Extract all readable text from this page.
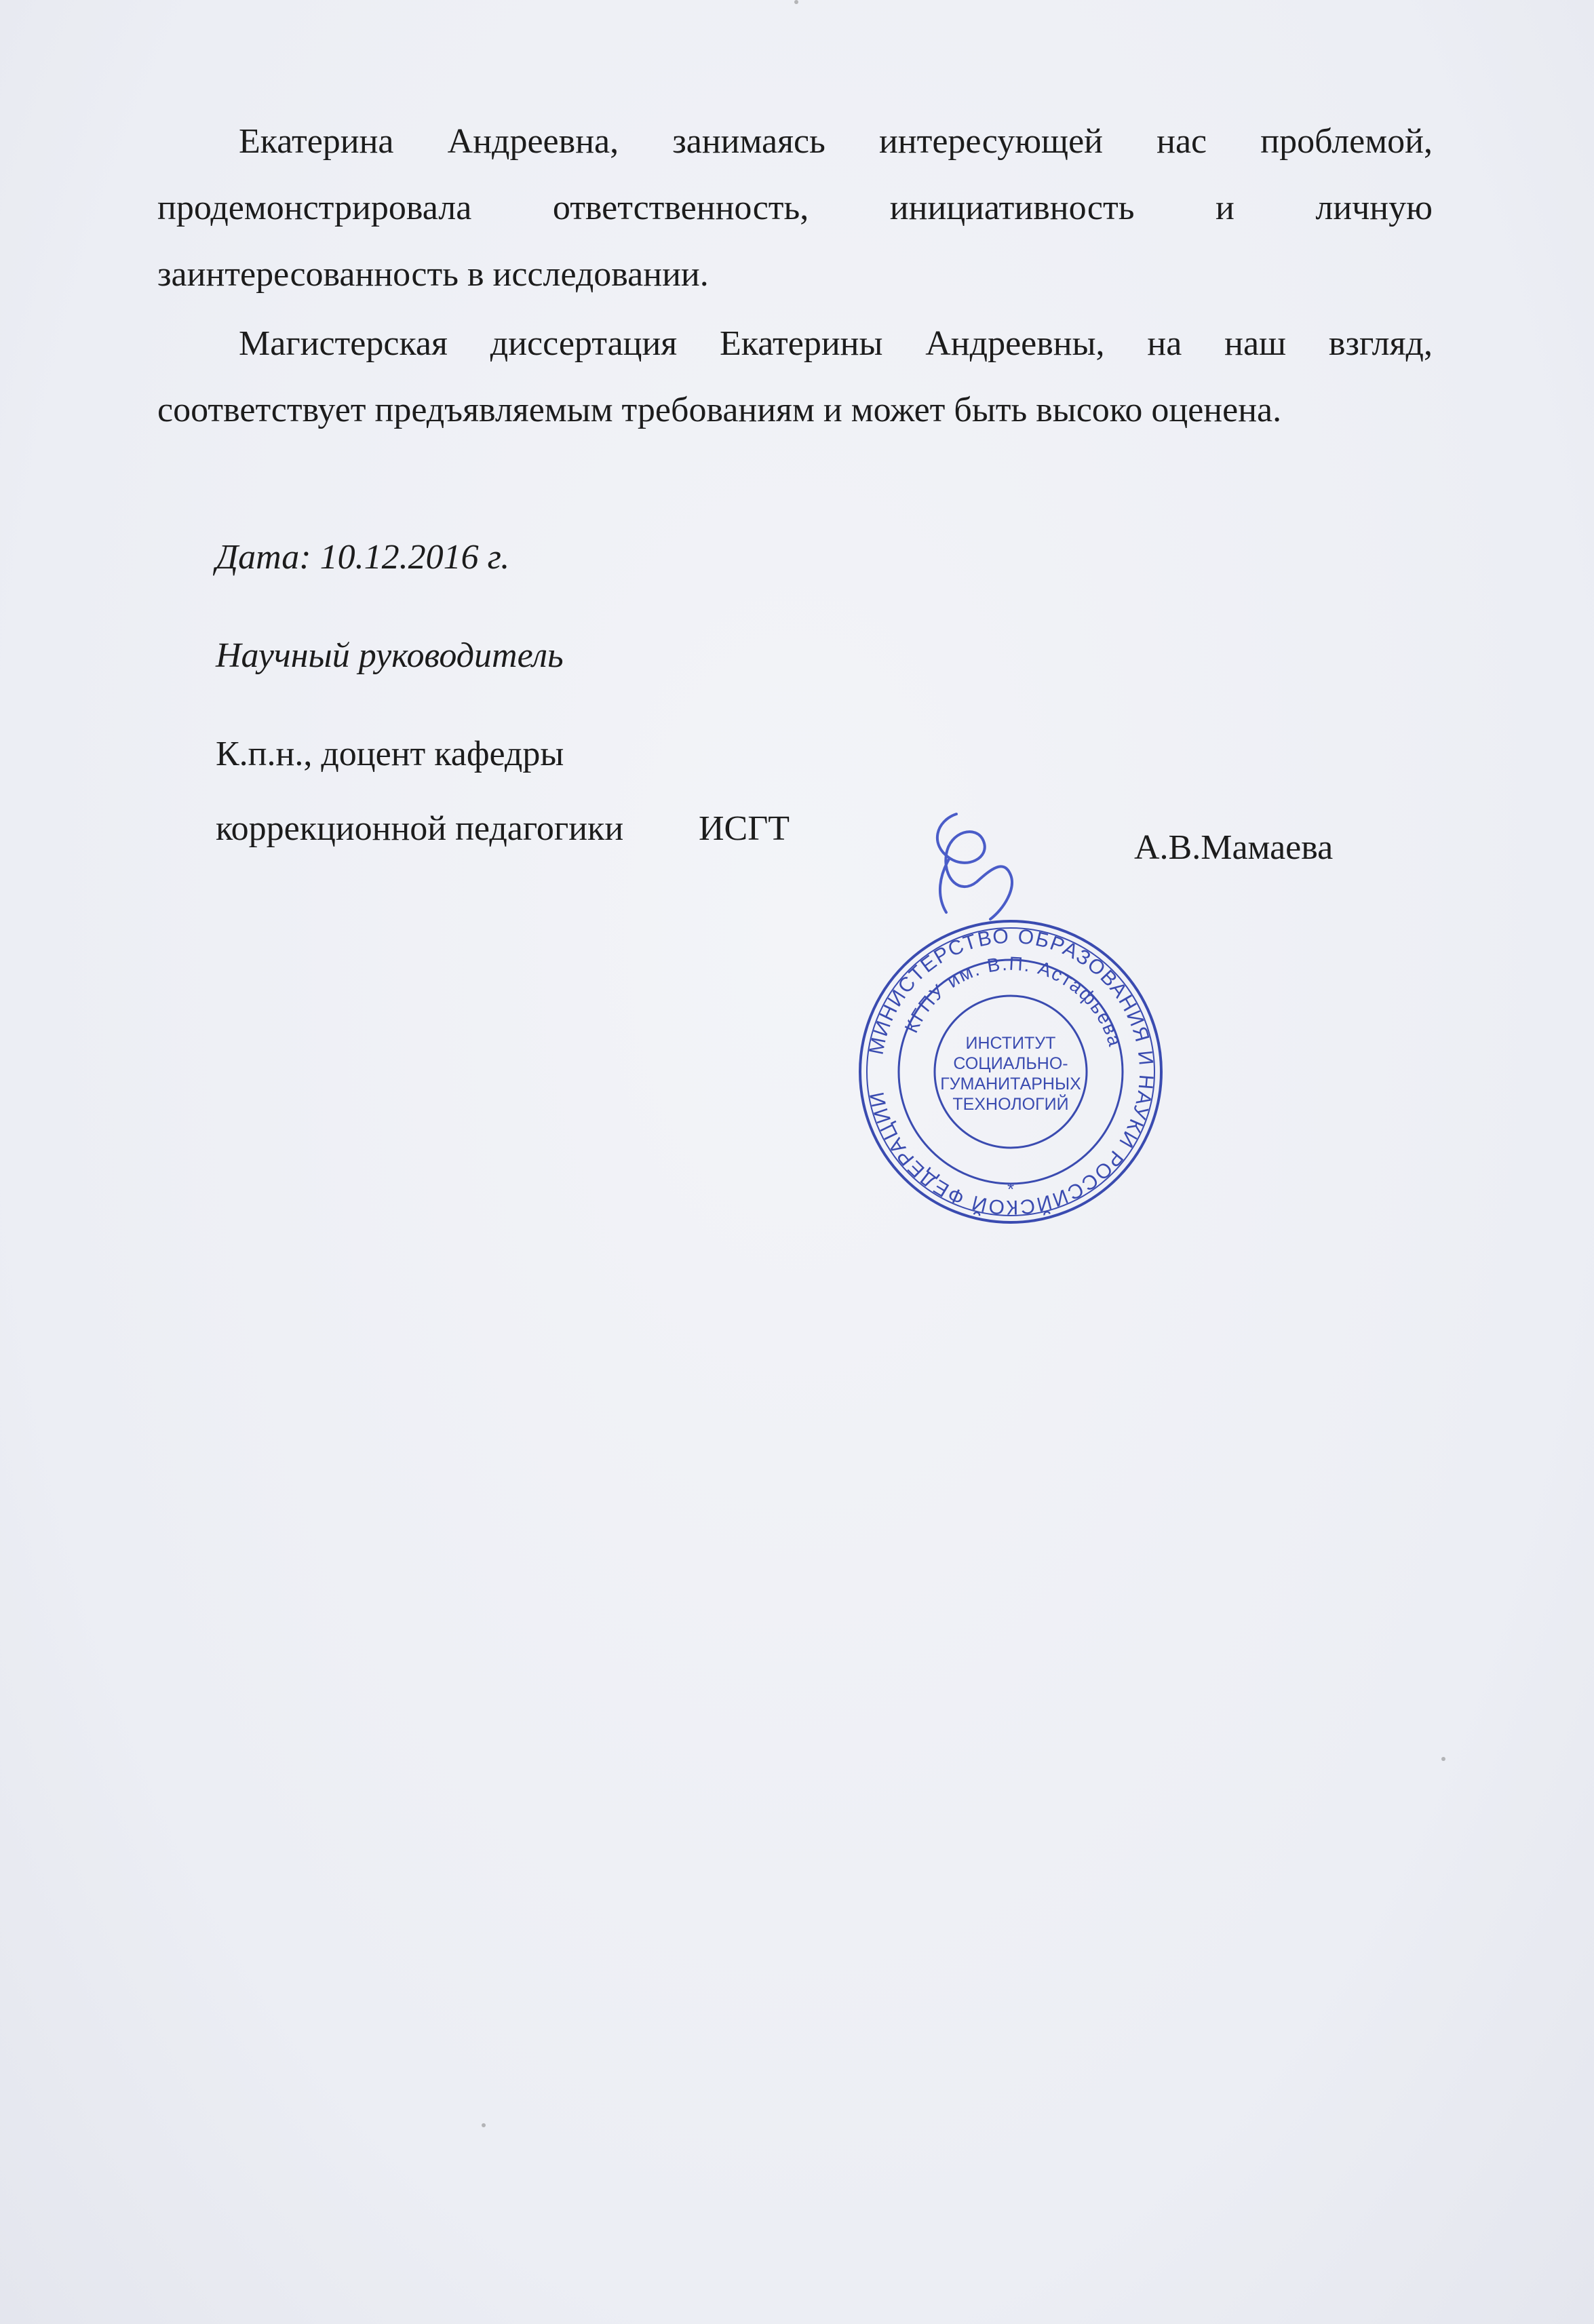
Екатерина Андреевна, занимаясь интересующей нас проблемой, продемонстрировала ответственность, инициативность и личную заинтересованность в исследовании.

Магистерская диссертация Екатерины Андреевны, на наш взгляд, соответствует предъявляемым требованиям и может быть высоко оценена.

Дата: 10.12.2016 г.
Научный руководитель
К.п.н., доцент кафедры
коррекционной педагогики ИСГТ	А.В.Мамаева
МИНИСТЕРСТВО ОБРАЗОВАНИЯ И НАУКИ РОССИЙСКОЙ ФЕДЕРАЦИИ
КГПУ им. В.П. Астафьева
ИНСТИТУТ
СОЦИАЛЬНО-
ГУМАНИТАРНЫХ
ТЕХНОЛОГИЙ
*
